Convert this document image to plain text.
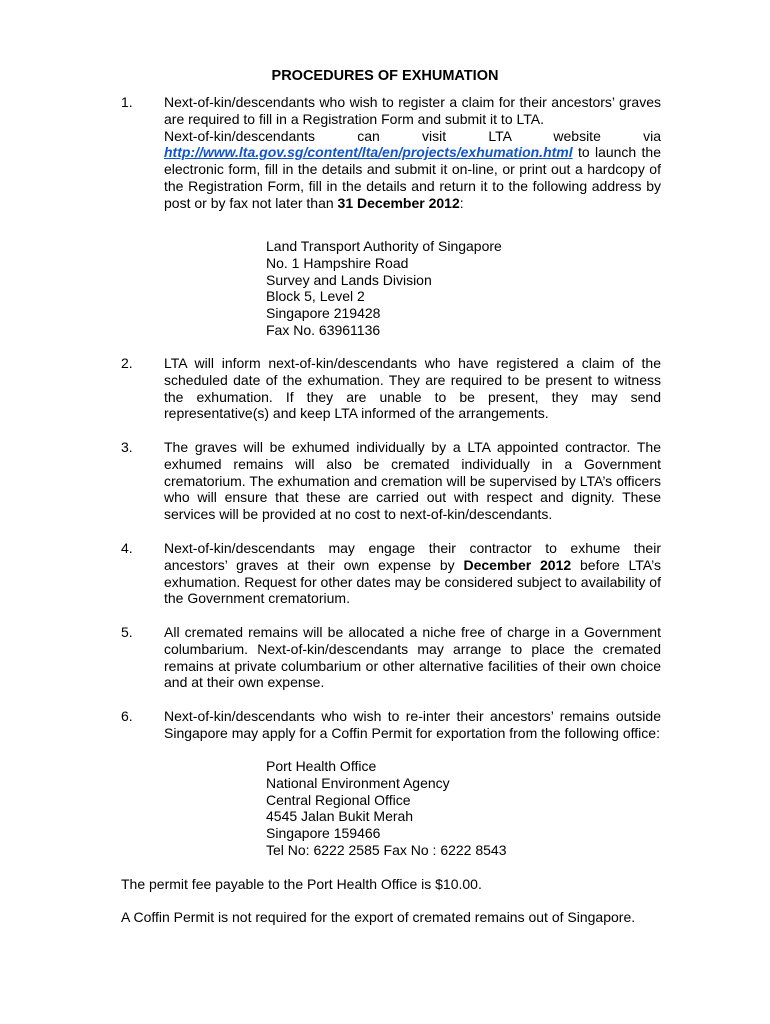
PROCEDURES OF EXHUMATION
1. Next-of-kin/descendants who wish to register a claim for their ancestors’ graves are required to fill in a Registration Form and submit it to LTA.

Next-of-kin/descendants can visit LTA website via

http://www.lta.gov.sg/content/lta/en/projects/exhumation.html to launch the electronic form, fill in the details and submit it on-line, or print out a hardcopy of the Registration Form, fill in the details and return it to the following address by post or by fax not later than 31 December 2012:

Land Transport Authority of Singapore
No. 1 Hampshire Road
Survey and Lands Division
Block 5, Level 2
Singapore 219428
Fax No. 63961136
2. LTA will inform next-of-kin/descendants who have registered a claim of the scheduled date of the exhumation. They are required to be present to witness the exhumation. If they are unable to be present, they may send representative(s) and keep LTA informed of the arrangements.
3. The graves will be exhumed individually by a LTA appointed contractor. The exhumed remains will also be cremated individually in a Government crematorium. The exhumation and cremation will be supervised by LTA’s officers who will ensure that these are carried out with respect and dignity. These services will be provided at no cost to next-of-kin/descendants.
4. Next-of-kin/descendants may engage their contractor to exhume their ancestors’ graves at their own expense by December 2012 before LTA’s exhumation. Request for other dates may be considered subject to availability of the Government crematorium.
5. All cremated remains will be allocated a niche free of charge in a Government columbarium. Next-of-kin/descendants may arrange to place the cremated remains at private columbarium or other alternative facilities of their own choice and at their own expense.
6. Next-of-kin/descendants who wish to re-inter their ancestors’ remains outside Singapore may apply for a Coffin Permit for exportation from the following office:
Port Health Office
National Environment Agency
Central Regional Office
4545 Jalan Bukit Merah
Singapore 159466
Tel No: 6222 2585 Fax No : 6222 8543
The permit fee payable to the Port Health Office is $10.00.
A Coffin Permit is not required for the export of cremated remains out of Singapore.
